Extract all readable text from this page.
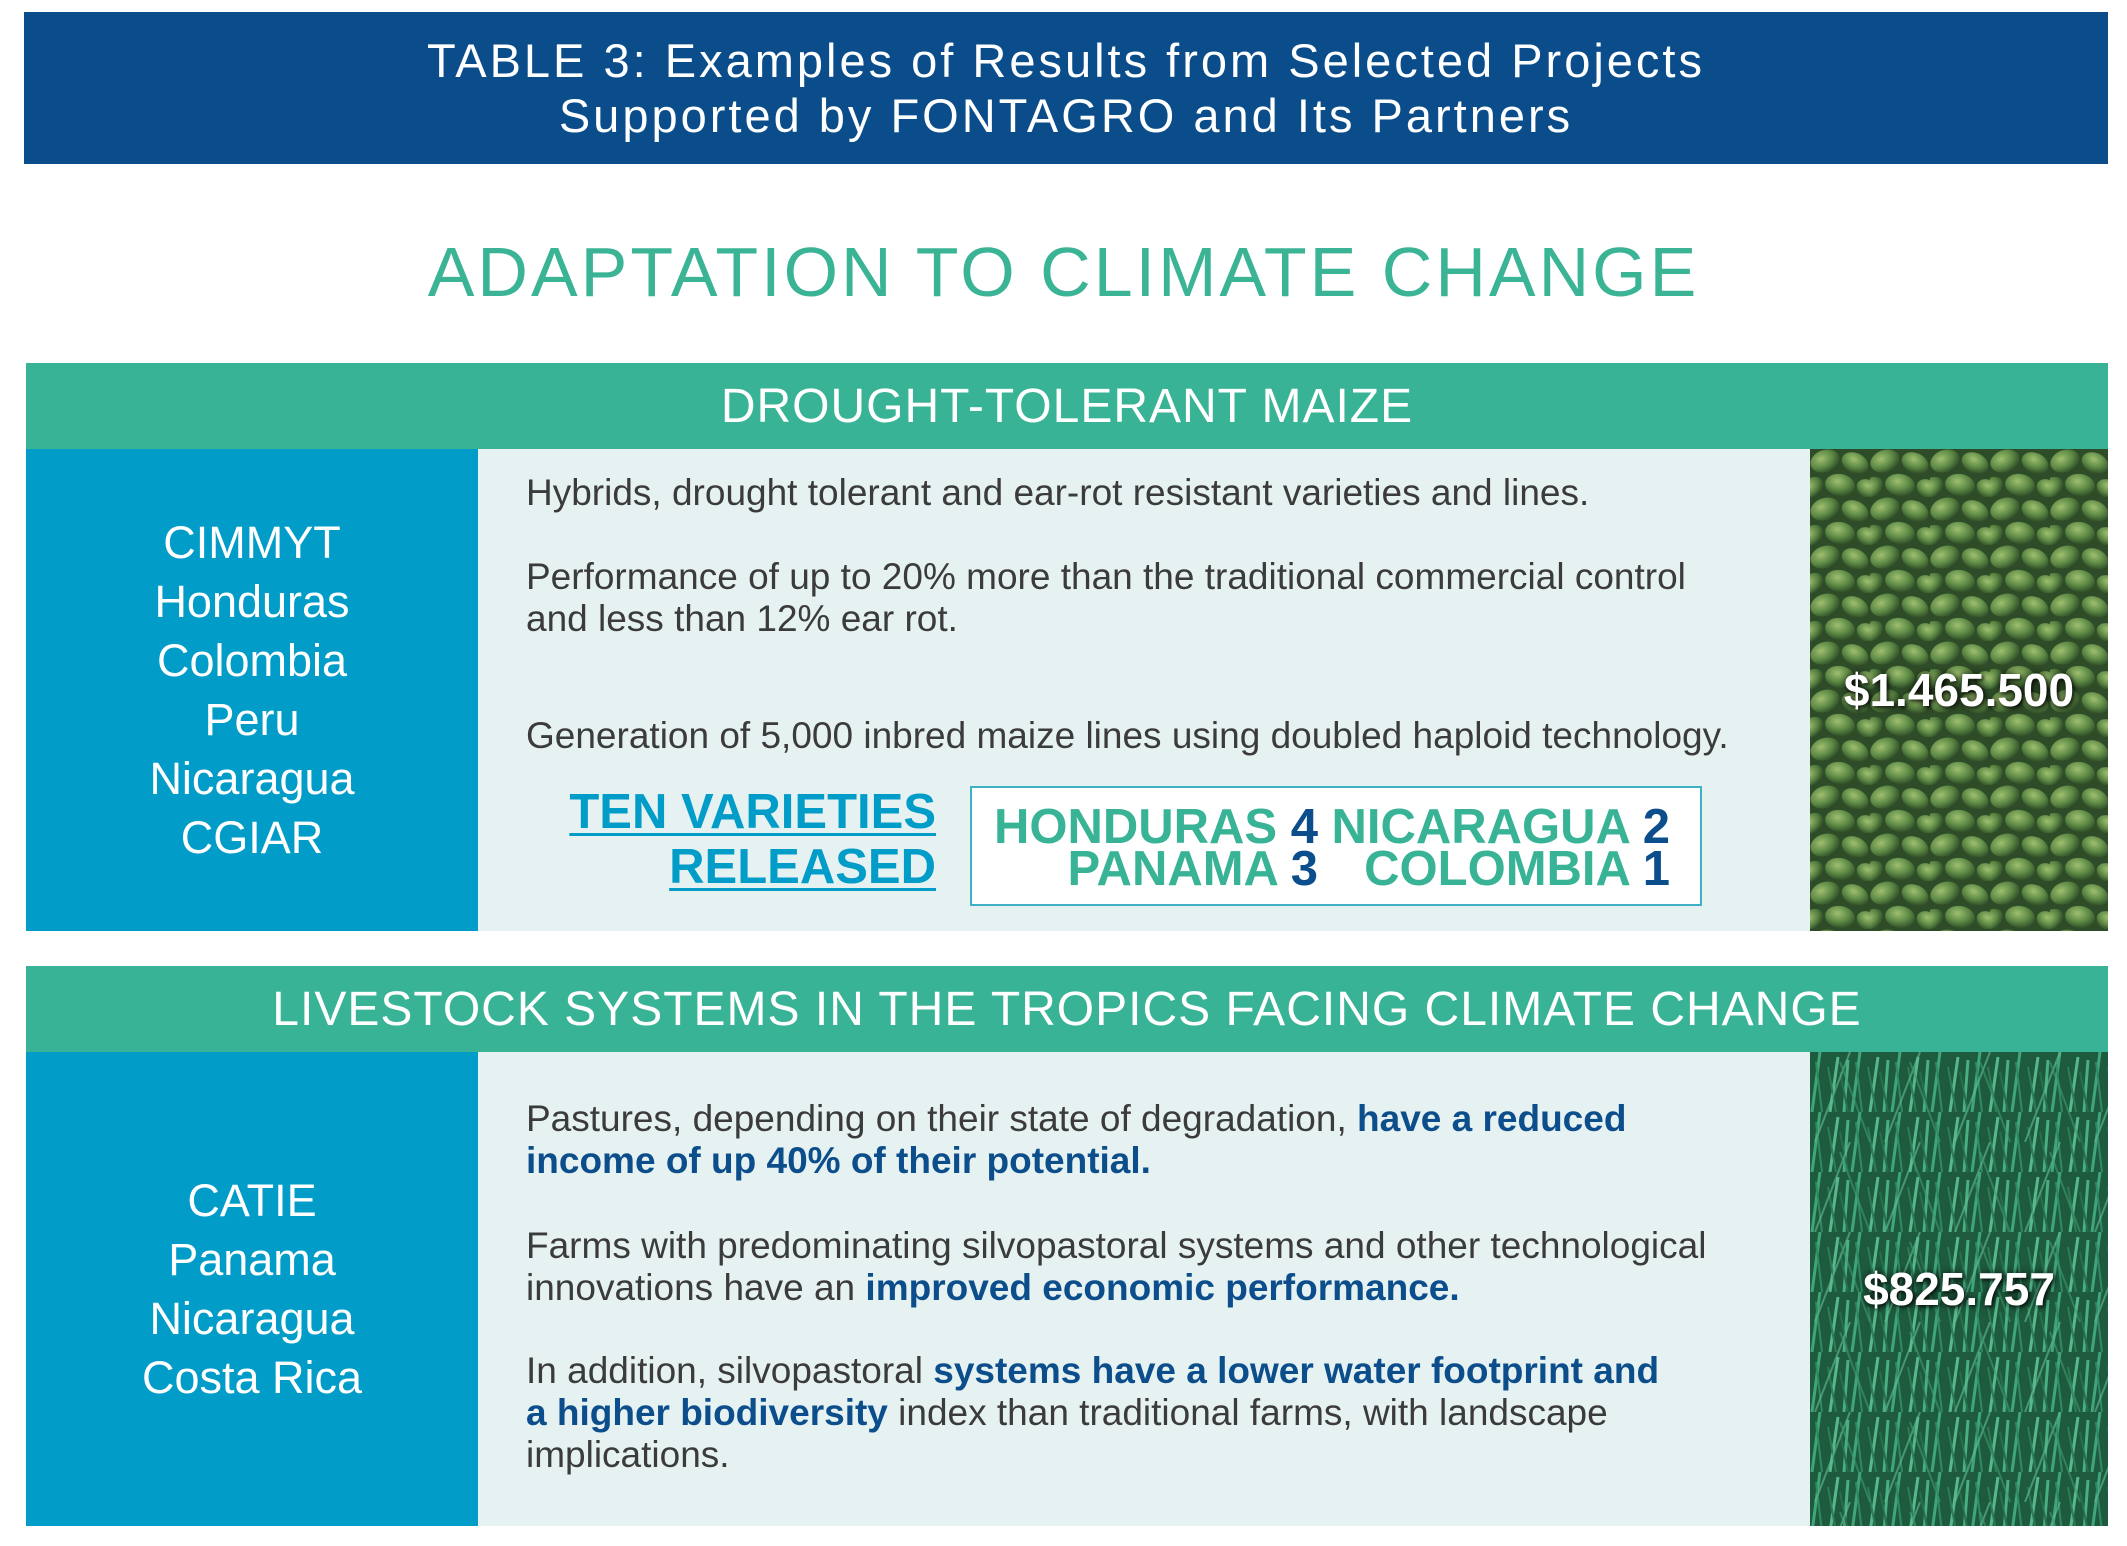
TABLE 3: Examples of Results from Selected Projects
Supported by FONTAGRO and Its Partners
ADAPTATION TO CLIMATE CHANGE
DROUGHT-TOLERANT MAIZE
CIMMYT
Honduras
Colombia
Peru
Nicaragua
CGIAR
Hybrids, drought tolerant and ear-rot resistant varieties and lines.
Performance of up to 20% more than the traditional commercial control
and less than 12% ear rot.
Generation of 5,000 inbred maize lines using doubled haploid technology.
TEN VARIETIES
RELEASED
HONDURAS 4 NICARAGUA 2
PANAMA 3 COLOMBIA 1
$1.465.500
LIVESTOCK SYSTEMS IN THE TROPICS FACING CLIMATE CHANGE
CATIE
Panama
Nicaragua
Costa Rica
Pastures, depending on their state of degradation, have a reduced
income of up 40% of their potential.
Farms with predominating silvopastoral systems and other technological
innovations have an improved economic performance.
In addition, silvopastoral systems have a lower water footprint and
a higher biodiversity index than traditional farms, with landscape
implications.
$825.757
